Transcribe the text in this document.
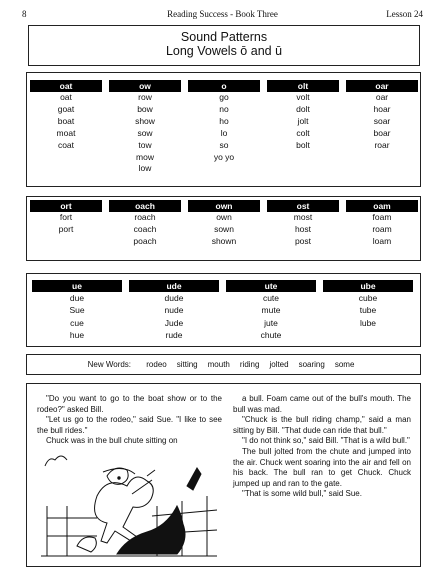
8	Reading Success - Book Three	Lesson 24
Sound Patterns
Long Vowels ō and ū
New Words: rodeo sitting mouth riding jolted soaring some

"Do you want to go to the boat show or to the rodeo?" asked Bill.

"Let us go to the rodeo," said Sue. "I like to see the bull rides."

Chuck was in the bull chute sitting on

a bull. Foam came out of the bull's mouth. The bull was mad.

"Chuck is the bull riding champ," said a man sitting by Bill. "That dude can ride that bull."

"I do not think so," said Bill. "That is a wild bull."

The bull jolted from the chute and jumped into the air. Chuck went soaring into the air and fell on his back. The bull ran to get Chuck. Chuck jumped up and ran to the gate.

"That is some wild bull," said Sue.

oat
oat
goat
boat
moat
coat
ow
row
bow
show
sow
tow
mow
low
o
go
no
ho
lo
so
yo yo
olt
volt
dolt
jolt
colt
bolt
oar
oar
hoar
soar
boar
roar
ort
fort
port
oach
roach
coach
poach
own
own
sown
shown
ost
most
host
post
oam
foam
roam
loam
ue
due
Sue
cue
hue
ude
dude
nude
Jude
rude
ute
cute
mute
jute
chute
ube
cube
tube
lube
